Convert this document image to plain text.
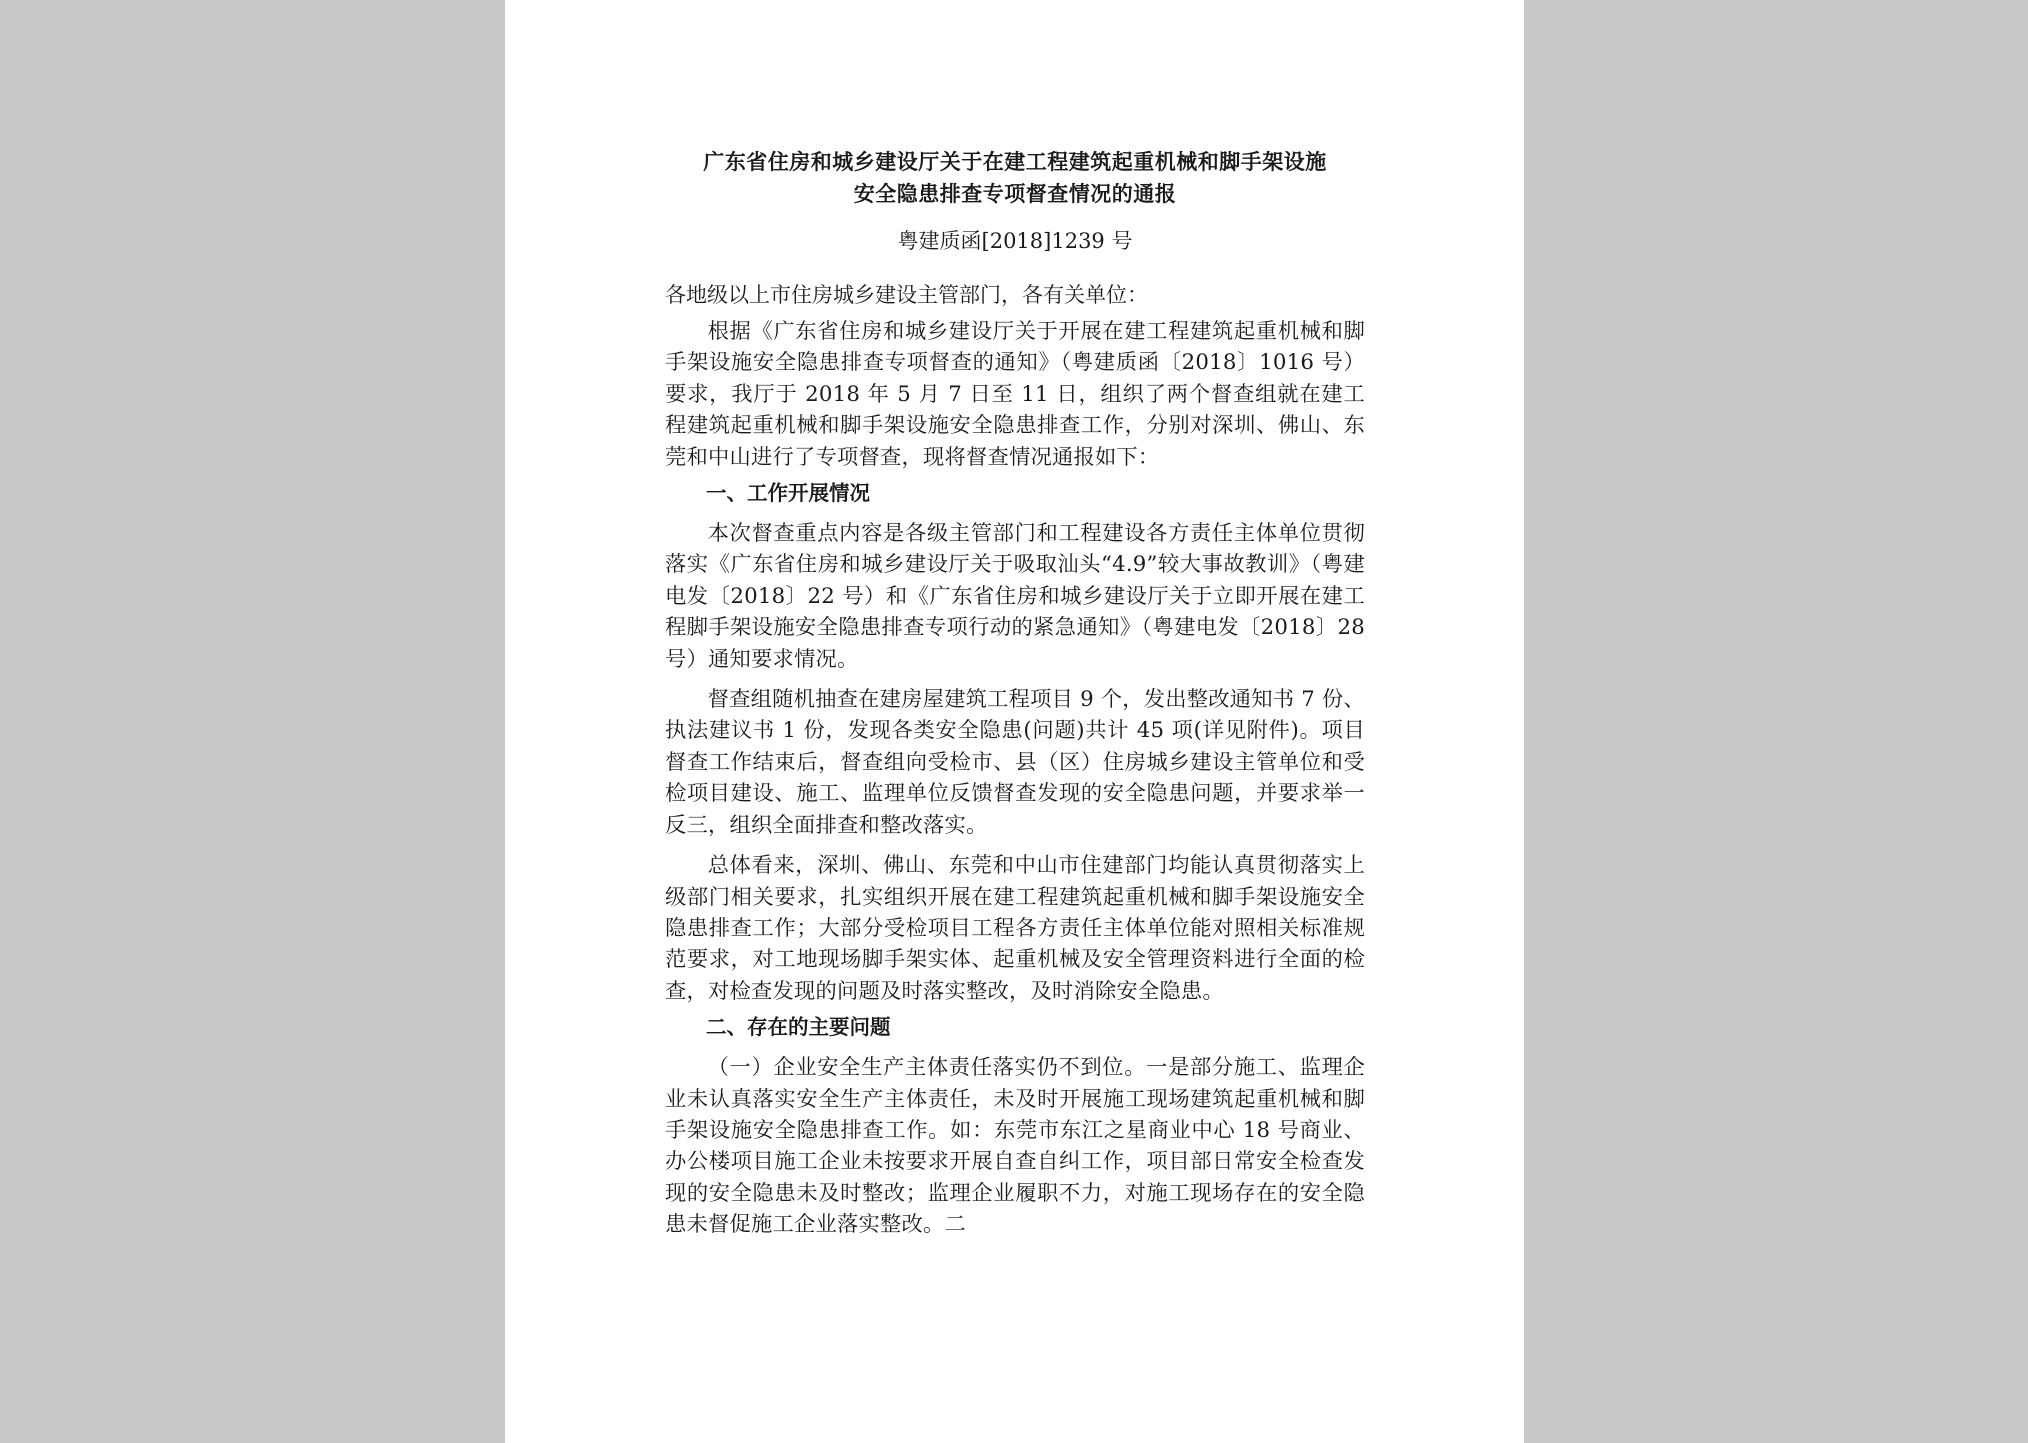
广东省住房和城乡建设厅关于在建工程建筑起重机械和脚手架设施
安全隐患排查专项督查情况的通报
粤建质函[2018]1239 号
各地级以上市住房城乡建设主管部门，各有关单位：

根据《广东省住房和城乡建设厅关于开展在建工程建筑起重机械和脚手架设施安全隐患排查专项督查的通知》（粤建质函〔2018〕1016 号）要求，我厅于 2018 年 5 月 7 日至 11 日，组织了两个督查组就在建工程建筑起重机械和脚手架设施安全隐患排查工作，分别对深圳、佛山、东莞和中山进行了专项督查，现将督查情况通报如下：

一、工作开展情况

本次督查重点内容是各级主管部门和工程建设各方责任主体单位贯彻落实《广东省住房和城乡建设厅关于吸取汕头“4.9”较大事故教训》（粤建电发〔2018〕22 号）和《广东省住房和城乡建设厅关于立即开展在建工程脚手架设施安全隐患排查专项行动的紧急通知》（粤建电发〔2018〕28 号）通知要求情况。

督查组随机抽查在建房屋建筑工程项目 9 个，发出整改通知书 7 份、执法建议书 1 份，发现各类安全隐患(问题)共计 45 项(详见附件)。项目督查工作结束后，督查组向受检市、县（区）住房城乡建设主管单位和受检项目建设、施工、监理单位反馈督查发现的安全隐患问题，并要求举一反三，组织全面排查和整改落实。

总体看来，深圳、佛山、东莞和中山市住建部门均能认真贯彻落实上级部门相关要求，扎实组织开展在建工程建筑起重机械和脚手架设施安全隐患排查工作；大部分受检项目工程各方责任主体单位能对照相关标准规范要求，对工地现场脚手架实体、起重机械及安全管理资料进行全面的检查，对检查发现的问题及时落实整改，及时消除安全隐患。

二、存在的主要问题

（一）企业安全生产主体责任落实仍不到位。一是部分施工、监理企业未认真落实安全生产主体责任，未及时开展施工现场建筑起重机械和脚手架设施安全隐患排查工作。如：东莞市东江之星商业中心 18 号商业、办公楼项目施工企业未按要求开展自查自纠工作，项目部日常安全检查发现的安全隐患未及时整改；监理企业履职不力，对施工现场存在的安全隐患未督促施工企业落实整改。二
